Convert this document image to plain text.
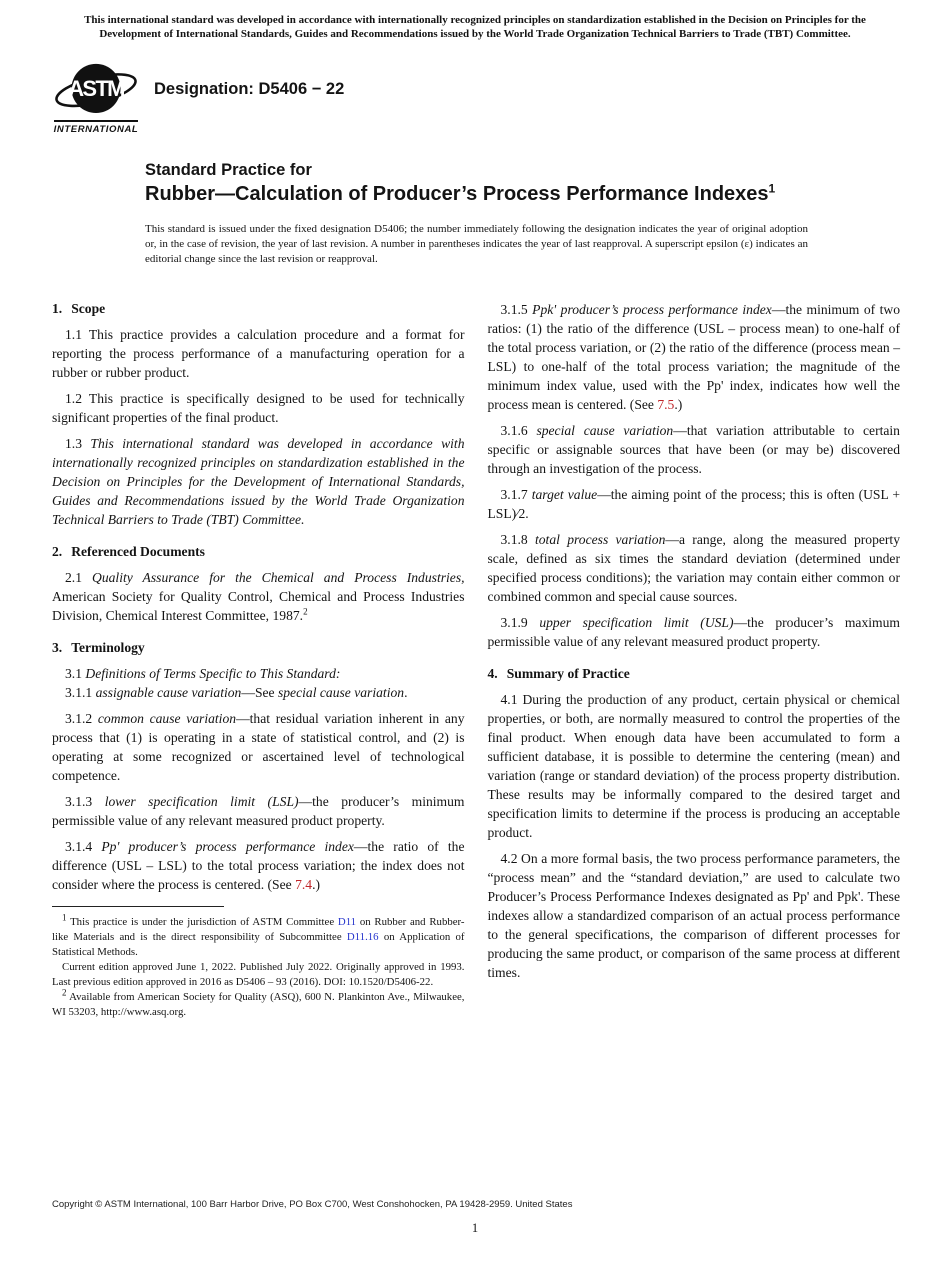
This international standard was developed in accordance with internationally recognized principles on standardization established in the Decision on Principles for the Development of International Standards, Guides and Recommendations issued by the World Trade Organization Technical Barriers to Trade (TBT) Committee.
ASTM
INTERNATIONAL
Designation: D5406 − 22
Standard Practice for
Rubber—Calculation of Producer’s Process Performance Indexes$^1$
This standard is issued under the fixed designation D5406; the number immediately following the designation indicates the year of original adoption or, in the case of revision, the year of last revision. A number in parentheses indicates the year of last reapproval. A superscript epsilon (ε) indicates an editorial change since the last revision or reapproval.
1. Scope

1.1 This practice provides a calculation procedure and a format for reporting the process performance of a manufacturing operation for a rubber or rubber product.

1.2 This practice is specifically designed to be used for technically significant properties of the final product.

1.3 This international standard was developed in accordance with internationally recognized principles on standardization established in the Decision on Principles for the Development of International Standards, Guides and Recommendations issued by the World Trade Organization Technical Barriers to Trade (TBT) Committee.

2. Referenced Documents

2.1 Quality Assurance for the Chemical and Process Industries, American Society for Quality Control, Chemical and Process Industries Division, Chemical Interest Committee, 1987.$^2$

3. Terminology

3.1 Definitions of Terms Specific to This Standard:

3.1.1 assignable cause variation—See special cause variation.

3.1.2 common cause variation—that residual variation inherent in any process that (1) is operating in a state of statistical control, and (2) is operating at some recognized or ascertained level of technological competence.

3.1.3 lower specification limit (LSL)—the producer’s minimum permissible value of any relevant measured product property.

3.1.4 Pp' producer’s process performance index—the ratio of the difference (USL – LSL) to the total process variation; the index does not consider where the process is centered. (See 7.4.)

$^1$ This practice is under the jurisdiction of ASTM Committee D11 on Rubber and Rubber-like Materials and is the direct responsibility of Subcommittee D11.16 on Application of Statistical Methods.

Current edition approved June 1, 2022. Published July 2022. Originally approved in 1993. Last previous edition approved in 2016 as D5406 – 93 (2016). DOI: 10.1520/D5406-22.

$^2$ Available from American Society for Quality (ASQ), 600 N. Plankinton Ave., Milwaukee, WI 53203, http://www.asq.org.

3.1.5 Ppk' producer’s process performance index—the minimum of two ratios: (1) the ratio of the difference (USL – process mean) to one-half of the total process variation, or (2) the ratio of the difference (process mean – LSL) to one-half of the total process variation; the magnitude of the minimum index value, used with the Pp' index, indicates how well the process mean is centered. (See 7.5.)

3.1.6 special cause variation—that variation attributable to certain specific or assignable sources that have been (or may be) discovered through an investigation of the process.

3.1.7 target value—the aiming point of the process; this is often (USL + LSL)⁄2.

3.1.8 total process variation—a range, along the measured property scale, defined as six times the standard deviation (determined under specified process conditions); the variation may contain either common or combined common and special cause sources.

3.1.9 upper specification limit (USL)—the producer’s maximum permissible value of any relevant measured product property.

4. Summary of Practice

4.1 During the production of any product, certain physical or chemical properties, or both, are normally measured to control the properties of the final product. When enough data have been accumulated to form a sufficient database, it is possible to determine the centering (mean) and variation (range or standard deviation) of the process property distribution. These results may be informally compared to the desired target and specification limits to determine if the process is producing an acceptable product.

4.2 On a more formal basis, the two process performance parameters, the “process mean” and the “standard deviation,” are used to calculate two Producer’s Process Performance Indexes designated as Pp' and Ppk'. These indexes allow a standardized comparison of an actual process performance to the general specifications, the comparison of different processes for producing the same product, or comparison of the same process at different times.

Copyright © ASTM International, 100 Barr Harbor Drive, PO Box C700, West Conshohocken, PA 19428-2959. United States
1
